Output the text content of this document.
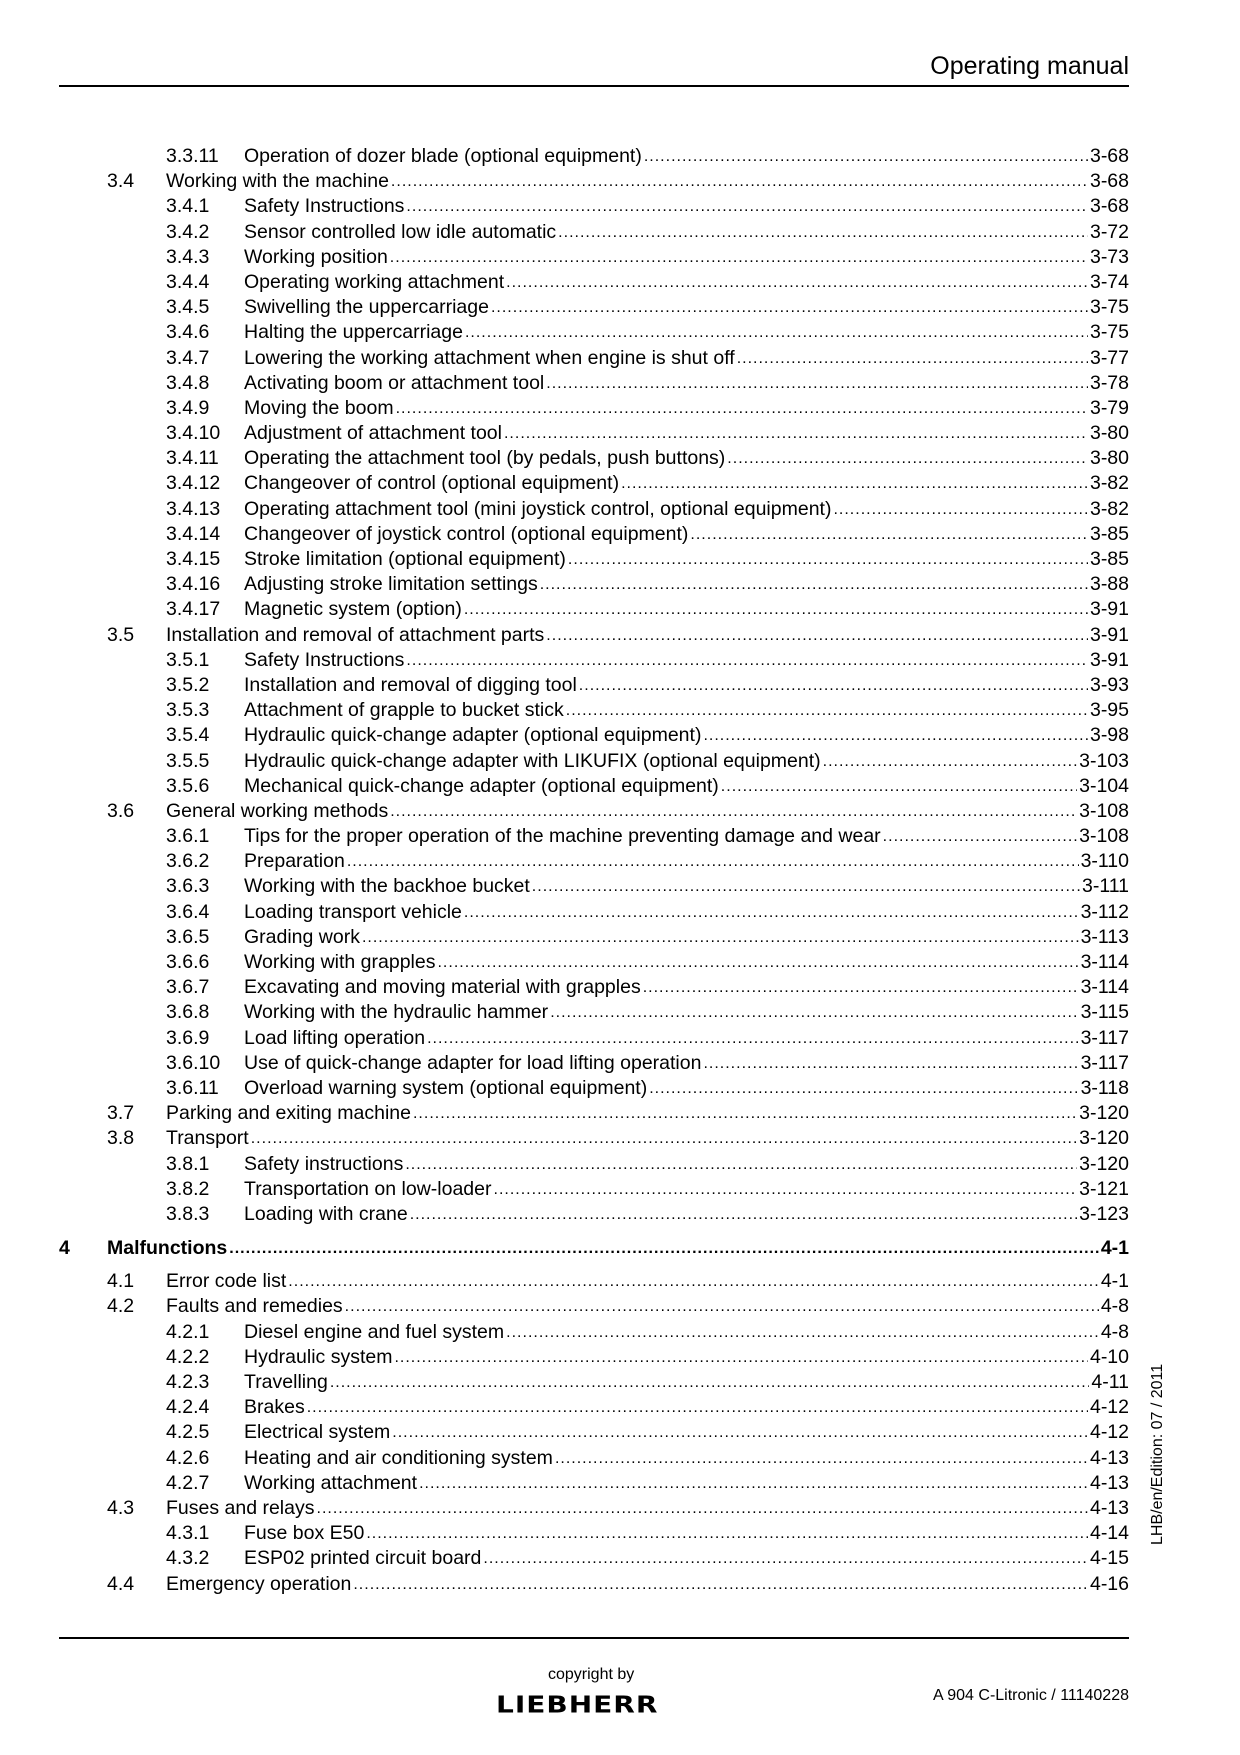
Operating manual
3.3.11 Operation of dozer blade (optional equipment) .....	3-68
3.4 Working with the machine .....	3-68
3.4.1 Safety Instructions .....	3-68
3.4.2 Sensor controlled low idle automatic .....	3-72
3.4.3 Working position .....	3-73
3.4.4 Operating working attachment .....	3-74
3.4.5 Swivelling the uppercarriage .....	3-75
3.4.6 Halting the uppercarriage .....	3-75
3.4.7 Lowering the working attachment when engine is shut off .....	3-77
3.4.8 Activating boom or attachment tool .....	3-78
3.4.9 Moving the boom .....	3-79
3.4.10 Adjustment of attachment tool .....	3-80
3.4.11 Operating the attachment tool (by pedals, push buttons) .....	3-80
3.4.12 Changeover of control (optional equipment) .....	3-82
3.4.13 Operating attachment tool (mini joystick control, optional equipment) .....	3-82
3.4.14 Changeover of joystick control (optional equipment) .....	3-85
3.4.15 Stroke limitation (optional equipment) .....	3-85
3.4.16 Adjusting stroke limitation settings .....	3-88
3.4.17 Magnetic system (option) .....	3-91
3.5 Installation and removal of attachment parts .....	3-91
3.5.1 Safety Instructions .....	3-91
3.5.2 Installation and removal of digging tool .....	3-93
3.5.3 Attachment of grapple to bucket stick .....	3-95
3.5.4 Hydraulic quick-change adapter (optional equipment) .....	3-98
3.5.5 Hydraulic quick-change adapter with LIKUFIX (optional equipment) .....	3-103
3.5.6 Mechanical quick-change adapter (optional equipment) .....	3-104
3.6 General working methods .....	3-108
3.6.1 Tips for the proper operation of the machine preventing damage and wear .....	3-108
3.6.2 Preparation .....	3-110
3.6.3 Working with the backhoe bucket .....	3-111
3.6.4 Loading transport vehicle .....	3-112
3.6.5 Grading work .....	3-113
3.6.6 Working with grapples .....	3-114
3.6.7 Excavating and moving material with grapples .....	3-114
3.6.8 Working with the hydraulic hammer .....	3-115
3.6.9 Load lifting operation .....	3-117
3.6.10 Use of quick-change adapter for load lifting operation .....	3-117
3.6.11 Overload warning system (optional equipment) .....	3-118
3.7 Parking and exiting machine .....	3-120
3.8 Transport .....	3-120
3.8.1 Safety instructions .....	3-120
3.8.2 Transportation on low-loader .....	3-121
3.8.3 Loading with crane .....	3-123
4 Malfunctions .....	4-1
4.1 Error code list .....	4-1
4.2 Faults and remedies .....	4-8
4.2.1 Diesel engine and fuel system .....	4-8
4.2.2 Hydraulic system .....	4-10
4.2.3 Travelling .....	4-11
4.2.4 Brakes .....	4-12
4.2.5 Electrical system .....	4-12
4.2.6 Heating and air conditioning system .....	4-13
4.2.7 Working attachment .....	4-13
4.3 Fuses and relays .....	4-13
4.3.1 Fuse box E50 .....	4-14
4.3.2 ESP02 printed circuit board .....	4-15
4.4 Emergency operation .....	4-16
LHB/en/Edition: 07 / 2011
copyright by
LIEBHERR	A 904 C-Litronic / 11140228
